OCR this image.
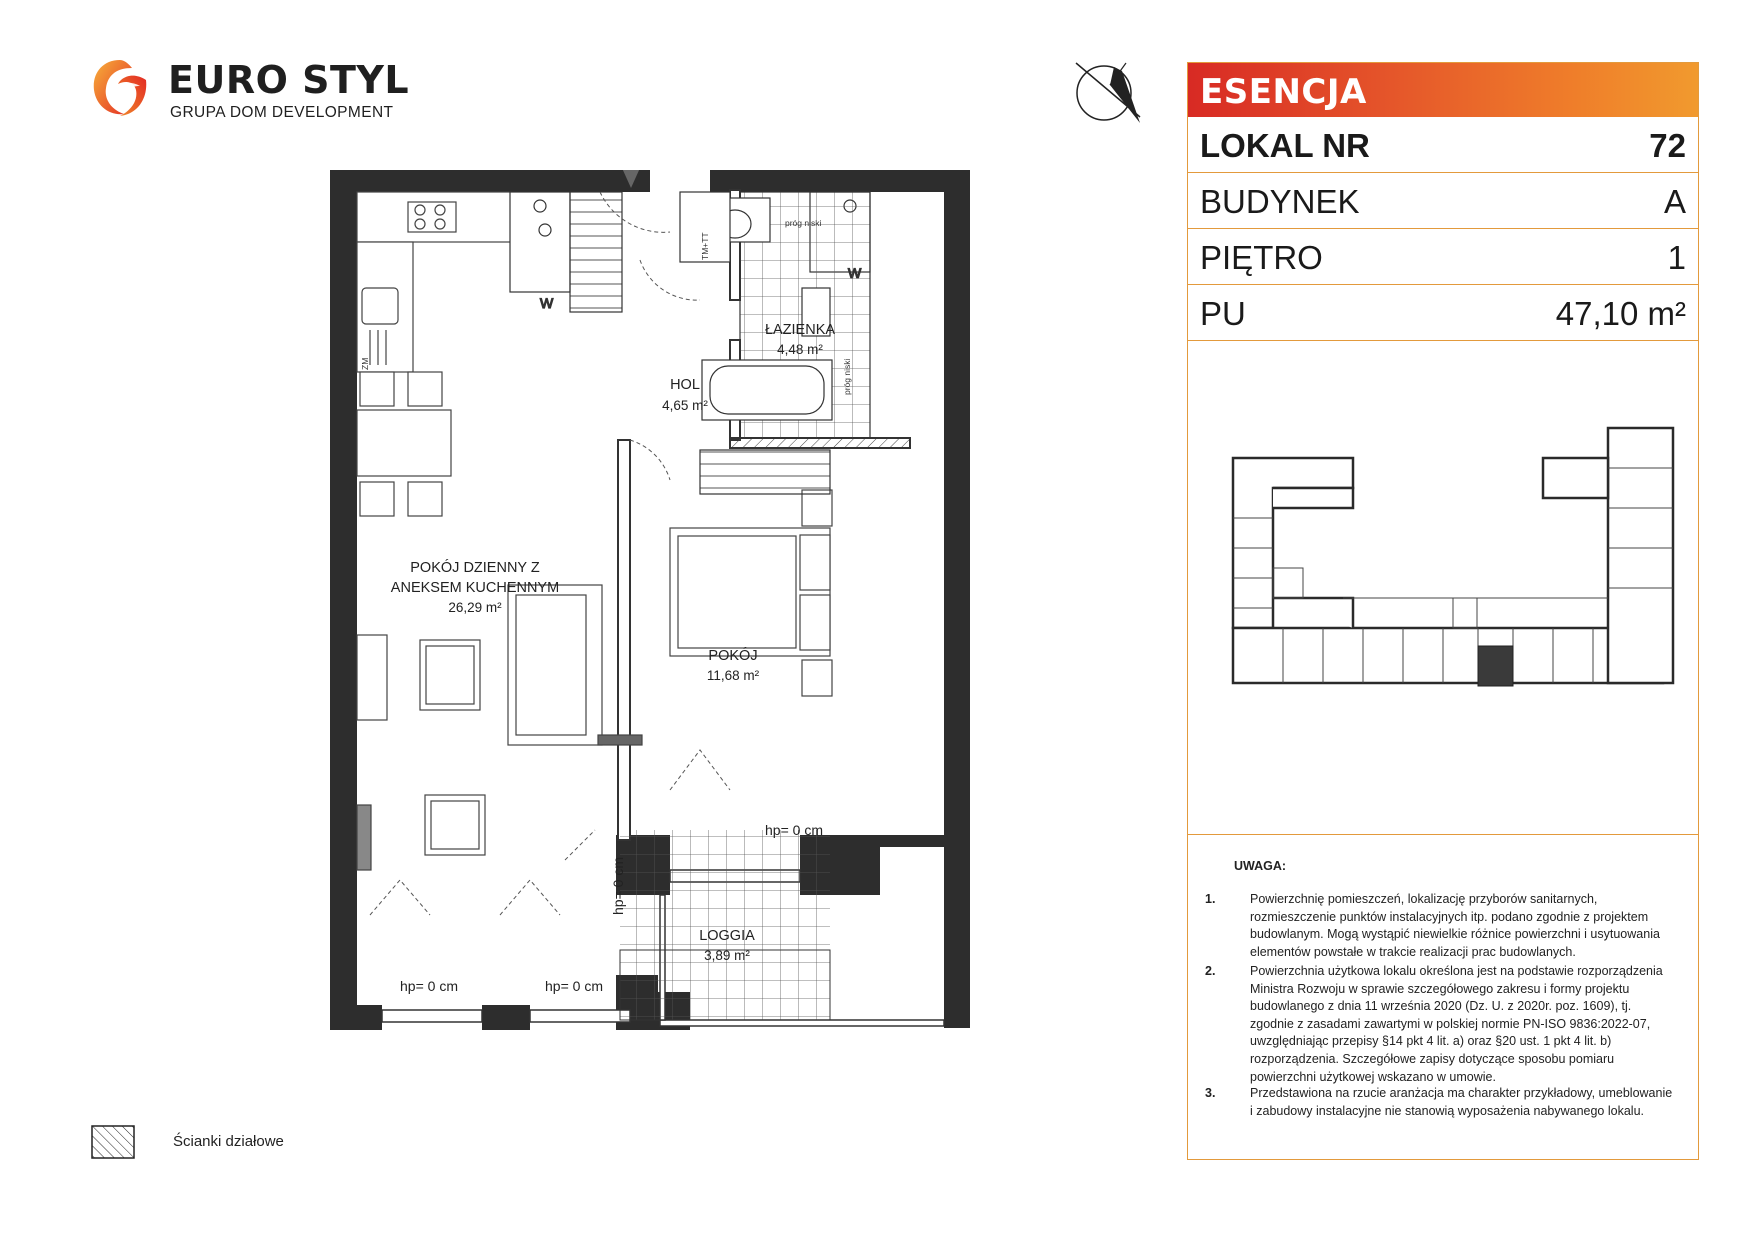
EURO STYL
GRUPA DOM DEVELOPMENT
W
POKÓJ DZIENNY Z
ANEKSEM KUCHENNYM
26,29 m²
HOL
4,65 m²
ŁAZIENKA
4,48 m²
POKÓJ
11,68 m²
LOGGIA
3,89 m²
hp= 0 cm
hp= 0 cm	hp= 0 cm
hp= 0 cm
próg niski
próg niski
TM+TT
ZM
Ścianki działowe
ESENCJA
LOKAL NR	72
BUDYNEK	A
PIĘTRO	1
PU	47,10 m²
UWAGA:
1.	Powierzchnię pomieszczeń, lokalizację przyborów sanitarnych, rozmieszczenie punktów instalacyjnych itp. podano zgodnie z projektem budowlanym. Mogą wystąpić niewielkie różnice powierzchni i usytuowania elementów powstałe w trakcie realizacji prac budowlanych.
2.	Powierzchnia użytkowa lokalu określona jest na podstawie rozporządzenia Ministra Rozwoju w sprawie szczegółowego zakresu i formy projektu budowlanego z dnia 11 września 2020 (Dz. U. z 2020r. poz. 1609), tj. zgodnie z zasadami zawartymi w polskiej normie PN-ISO 9836:2022-07, uwzględniając przepisy §14 pkt 4 lit. a) oraz §20 ust. 1 pkt 4 lit. b) rozporządzenia. Szczegółowe zapisy dotyczące sposobu pomiaru powierzchni użytkowej wskazano w umowie.
3.	Przedstawiona na rzucie aranżacja ma charakter przykładowy, umeblowanie i zabudowy instalacyjne nie stanowią wyposażenia nabywanego lokalu.
